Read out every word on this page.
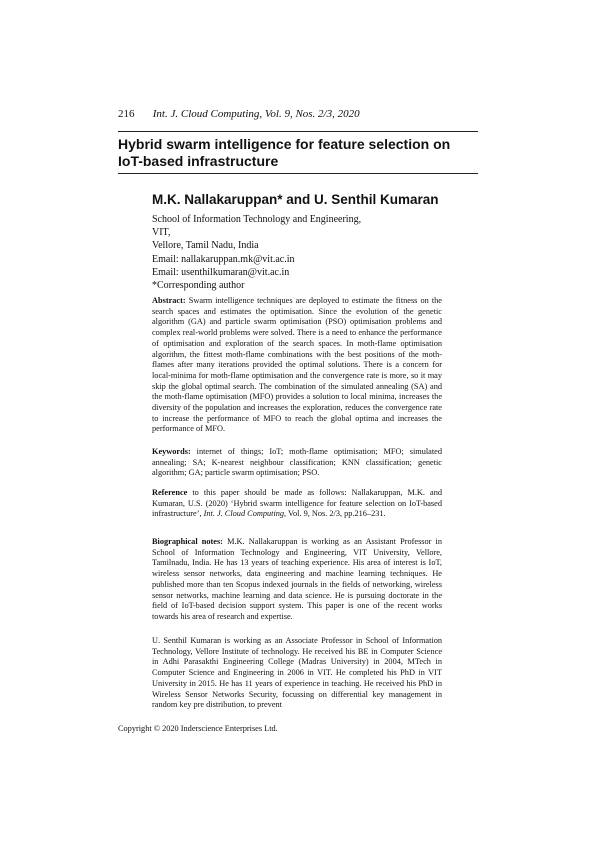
216 Int. J. Cloud Computing, Vol. 9, Nos. 2/3, 2020
Hybrid swarm intelligence for feature selection on IoT-based infrastructure
M.K. Nallakaruppan* and U. Senthil Kumaran
School of Information Technology and Engineering,
VIT,
Vellore, Tamil Nadu, India
Email: nallakaruppan.mk@vit.ac.in
Email: usenthilkumaran@vit.ac.in
*Corresponding author

Abstract: Swarm intelligence techniques are deployed to estimate the fitness on the search spaces and estimates the optimisation. Since the evolution of the genetic algorithm (GA) and particle swarm optimisation (PSO) optimisation problems and complex real-world problems were solved. There is a need to enhance the performance of optimisation and exploration of the search spaces. In moth-flame optimisation algorithm, the fittest moth-flame combinations with the best positions of the moth-flames after many iterations provided the optimal solutions. There is a concern for local-minima for moth-flame optimisation and the convergence rate is more, so it may skip the global optimal search. The combination of the simulated annealing (SA) and the moth-flame optimisation (MFO) provides a solution to local minima, increases the diversity of the population and increases the exploration, reduces the convergence rate to increase the performance of MFO to reach the global optima and increases the performance of MFO.

Keywords: internet of things; IoT; moth-flame optimisation; MFO; simulated annealing; SA; K-nearest neighbour classification; KNN classification; genetic algorithm; GA; particle swarm optimisation; PSO.

Reference to this paper should be made as follows: Nallakaruppan, M.K. and Kumaran, U.S. (2020) ‘Hybrid swarm intelligence for feature selection on IoT-based infrastructure’, Int. J. Cloud Computing, Vol. 9, Nos. 2/3, pp.216–231.

Biographical notes: M.K. Nallakaruppan is working as an Assistant Professor in School of Information Technology and Engineering, VIT University, Vellore, Tamilnadu, India. He has 13 years of teaching experience. His area of interest is IoT, wireless sensor networks, data engineering and machine learning techniques. He published more than ten Scopus indexed journals in the fields of networking, wireless sensor networks, machine learning and data science. He is pursuing doctorate in the field of IoT-based decision support system. This paper is one of the recent works towards his area of research and expertise.

U. Senthil Kumaran is working as an Associate Professor in School of Information Technology, Vellore Institute of technology. He received his BE in Computer Science in Adhi Parasakthi Engineering College (Madras University) in 2004, MTech in Computer Science and Engineering in 2006 in VIT. He completed his PhD in VIT University in 2015. He has 11 years of experience in teaching. He received his PhD in Wireless Sensor Networks Security, focussing on differential key management in random key pre distribution, to prevent

Copyright © 2020 Inderscience Enterprises Ltd.
